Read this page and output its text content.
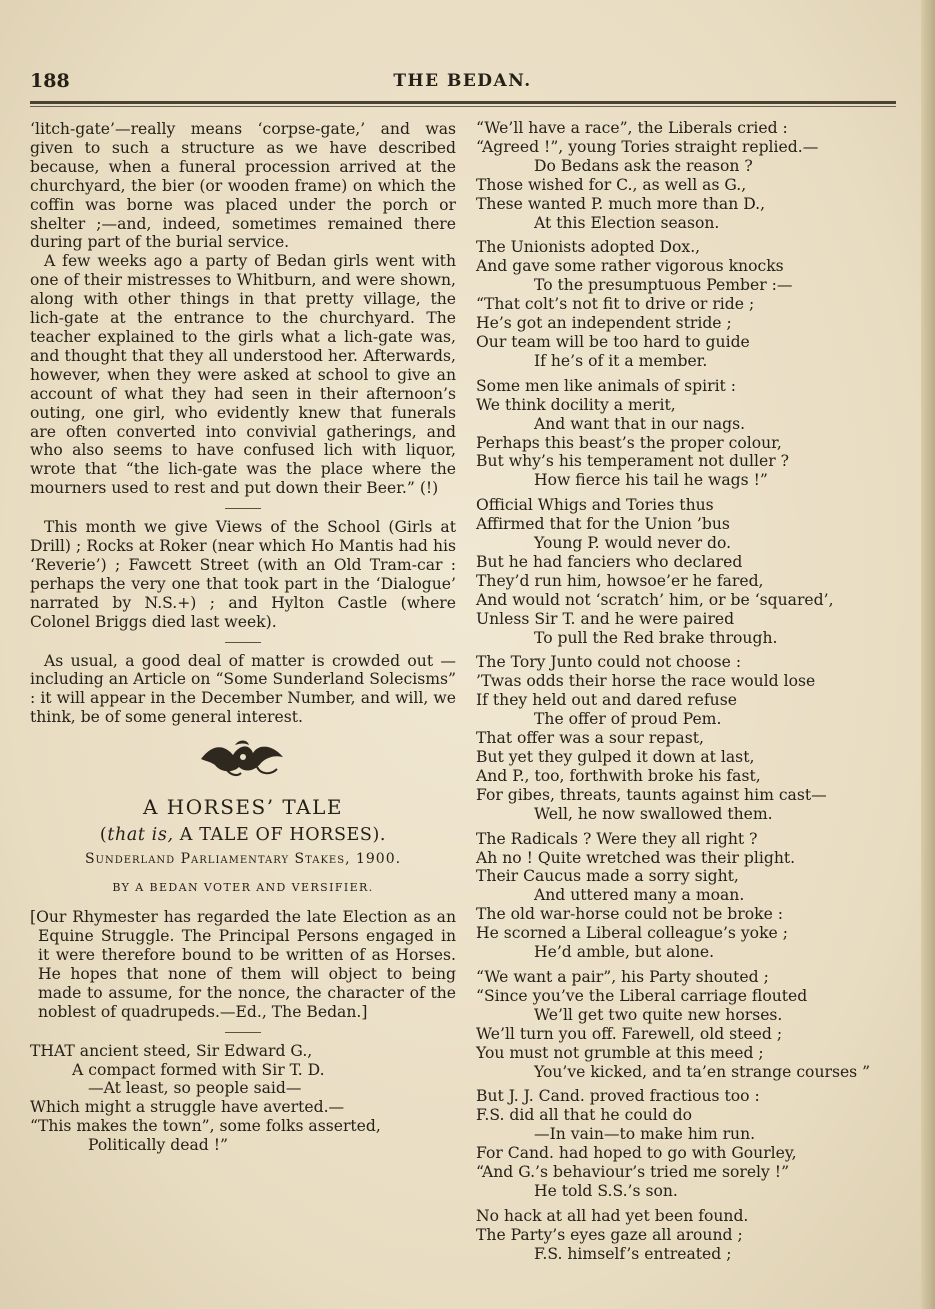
188	THE BEDAN.

‘litch-gate’—really means ‘corpse-gate,’ and was given to such a structure as we have described because, when a funeral procession arrived at the churchyard, the bier (or wooden frame) on which the coffin was borne was placed under the porch or shelter ;—and, indeed, sometimes remained there during part of the burial service.

A few weeks ago a party of Bedan girls went with one of their mistresses to Whitburn, and were shown, along with other things in that pretty village, the lich-gate at the entrance to the churchyard. The teacher explained to the girls what a lich-gate was, and thought that they all understood her. Afterwards, however, when they were asked at school to give an account of what they had seen in their afternoon’s outing, one girl, who evidently knew that funerals are often converted into convivial gatherings, and who also seems to have confused lich with liquor, wrote that “the lich-gate was the place where the mourners used to rest and put down their Beer.” (!)

This month we give Views of the School (Girls at Drill) ; Rocks at Roker (near which Ho Mantis had his ‘Reverie’) ; Fawcett Street (with an Old Tram-car : perhaps the very one that took part in the ‘Dialogue’ narrated by N.S.+) ; and Hylton Castle (where Colonel Briggs died last week).

As usual, a good deal of matter is crowded out —including an Article on “Some Sunderland Solecisms” : it will appear in the December Number, and will, we think, be of some general interest.

A HORSES’ TALE
(that is, A TALE OF HORSES).
Sunderland Parliamentary Stakes, 1900.
BY A BEDAN VOTER AND VERSIFIER.

[Our Rhymester has regarded the late Election as an Equine Struggle. The Principal Persons engaged in it were therefore bound to be written of as Horses. He hopes that none of them will object to being made to assume, for the nonce, the character of the noblest of quadrupeds.—Ed., The Bedan.]

THAT ancient steed, Sir Edward G.,
A compact formed with Sir T. D.
—At least, so people said—
Which might a struggle have averted.—
“This makes the town”, some folks asserted,
Politically dead !”
“We’ll have a race”, the Liberals cried :
“Agreed !”, young Tories straight replied.—
Do Bedans ask the reason ?
Those wished for C., as well as G.,
These wanted P. much more than D.,
At this Election season.
The Unionists adopted Dox.,
And gave some rather vigorous knocks
To the presumptuous Pember :—
“That colt’s not fit to drive or ride ;
He’s got an independent stride ;
Our team will be too hard to guide
If he’s of it a member.
Some men like animals of spirit :
We think docility a merit,
And want that in our nags.
Perhaps this beast’s the proper colour,
But why’s his temperament not duller ?
How fierce his tail he wags !”
Official Whigs and Tories thus
Affirmed that for the Union ’bus
Young P. would never do.
But he had fanciers who declared
They’d run him, howsoe’er he fared,
And would not ‘scratch’ him, or be ‘squared’,
Unless Sir T. and he were paired
To pull the Red brake through.
The Tory Junto could not choose :
’Twas odds their horse the race would lose
If they held out and dared refuse
The offer of proud Pem.
That offer was a sour repast,
But yet they gulped it down at last,
And P., too, forthwith broke his fast,
For gibes, threats, taunts against him cast—
Well, he now swallowed them.
The Radicals ? Were they all right ?
Ah no ! Quite wretched was their plight.
Their Caucus made a sorry sight,
And uttered many a moan.
The old war-horse could not be broke :
He scorned a Liberal colleague’s yoke ;
He’d amble, but alone.
“We want a pair”, his Party shouted ;
“Since you’ve the Liberal carriage flouted
We’ll get two quite new horses.
We’ll turn you off. Farewell, old steed ;
You must not grumble at this meed ;
You’ve kicked, and ta’en strange courses ”
But J. J. Cand. proved fractious too :
F.S. did all that he could do
—In vain—to make him run.
For Cand. had hoped to go with Gourley,
“And G.’s behaviour’s tried me sorely !”
He told S.S.’s son.
No hack at all had yet been found.
The Party’s eyes gaze all around ;
F.S. himself’s entreated ;
